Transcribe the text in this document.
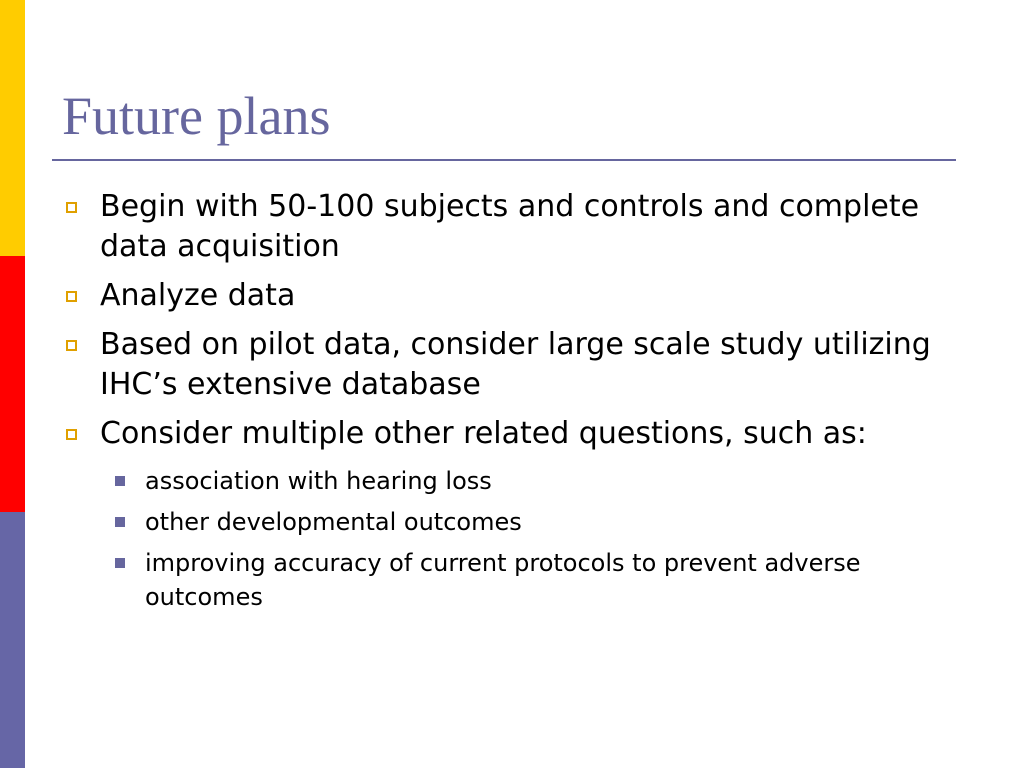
Future plans
Begin with 50-100 subjects and controls and complete data acquisition
Analyze data
Based on pilot data, consider large scale study utilizing IHC’s extensive database
Consider multiple other related questions, such as:
association with hearing loss
other developmental outcomes
improving accuracy of current protocols to prevent adverse outcomes
